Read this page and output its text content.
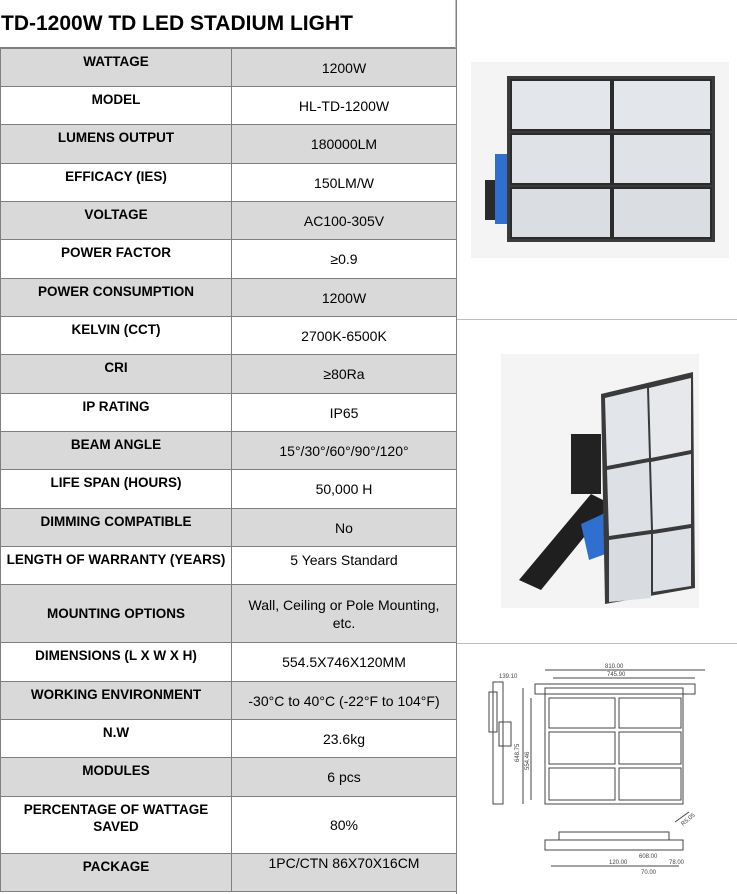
TD-1200W TD LED STADIUM LIGHT
WATTAGE	1200W
MODEL	HL-TD-1200W
LUMENS OUTPUT	180000LM
EFFICACY (IES)	150LM/W
VOLTAGE	AC100-305V
POWER FACTOR	≥0.9
POWER CONSUMPTION	1200W
KELVIN (CCT)	2700K-6500K
CRI	≥80Ra
IP RATING	IP65
BEAM ANGLE	15°/30°/60°/90°/120°
LIFE SPAN (HOURS)	50,000 H
DIMMING COMPATIBLE	No
LENGTH OF WARRANTY (YEARS)	5 Years Standard
MOUNTING OPTIONS	Wall, Ceiling or Pole Mounting, etc.
DIMENSIONS (L X W X H)	554.5X746X120MM
WORKING ENVIRONMENT	-30°C to 40°C (-22°F to 104°F)
N.W	23.6kg
MODULES	6 pcs
PERCENTAGE OF WATTAGE SAVED	80%
PACKAGE	1PC/CTN 86X70X16CM
810.00
745.90
139.10
648.75 554.46
R5.05
120.00
608.00
70.00
78.00
